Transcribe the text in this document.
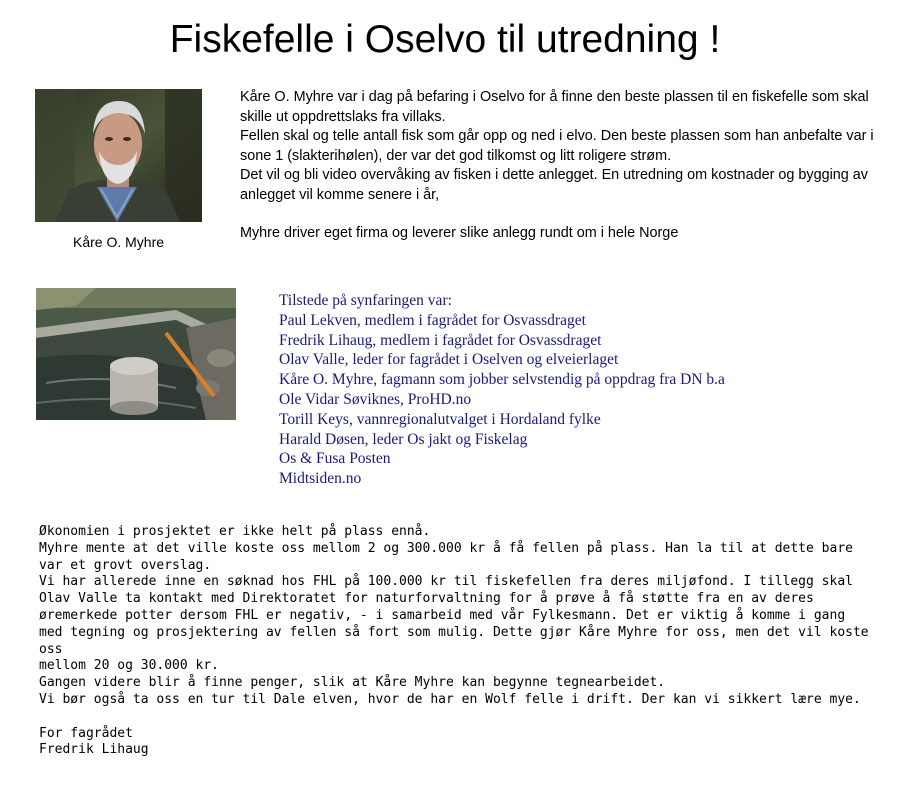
Fiskefelle i Oselvo til utredning !
Kåre O. Myhre

Kåre O. Myhre var i dag på befaring i Oselvo for å finne den beste plassen til en fiskefelle som skal skille ut oppdrettslaks fra villaks.

Fellen skal og telle antall fisk som går opp og ned i elvo. Den beste plassen som han anbefalte var i sone 1 (slakterihølen), der var det god tilkomst og litt roligere strøm.

Det vil og bli video overvåking av fisken i dette anlegget. En utredning om kostnader og bygging av anlegget vil komme senere i år,

Myhre driver eget firma og leverer slike anlegg rundt om i hele Norge

Tilstede på synfaringen var:
Paul Lekven, medlem i fagrådet for Osvassdraget
Fredrik Lihaug, medlem i fagrådet for Osvassdraget
Olav Valle, leder for fagrådet i Oselven og elveierlaget
Kåre O. Myhre, fagmann som jobber selvstendig på oppdrag fra DN b.a
Ole Vidar Søviknes, ProHD.no
Torill Keys, vannregionalutvalget i Hordaland fylke
Harald Døsen, leder Os jakt og Fiskelag
Os & Fusa Posten
Midtsiden.no

Økonomien i prosjektet er ikke helt på plass ennå.

Myhre mente at det ville koste oss mellom 2 og 300.000 kr å få fellen på plass. Han la til at dette bare var et grovt overslag.

Vi har allerede inne en søknad hos FHL på 100.000 kr til fiskefellen fra deres miljøfond. I tillegg skal Olav Valle ta kontakt med Direktoratet for naturforvaltning for å prøve å få støtte fra en av deres øremerkede potter dersom FHL er negativ, - i samarbeid med vår Fylkesmann. Det er viktig å komme i gang med tegning og prosjektering av fellen så fort som mulig. Dette gjør Kåre Myhre for oss, men det vil koste oss

mellom 20 og 30.000 kr.

Gangen videre blir å finne penger, slik at Kåre Myhre kan begynne tegnearbeidet.

Vi bør også ta oss en tur til Dale elven, hvor de har en Wolf felle i drift. Der kan vi sikkert lære mye.

For fagrådet

Fredrik Lihaug
